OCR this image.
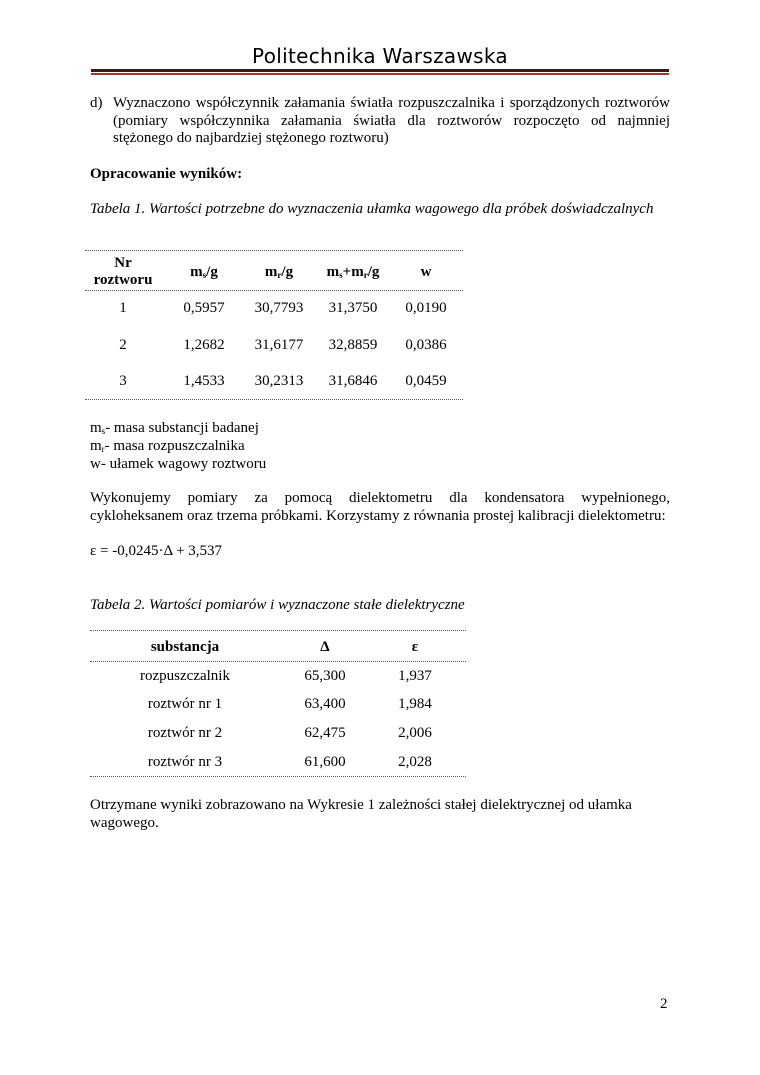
Politechnika Warszawska
d) Wyznaczono współczynnik załamania światła rozpuszczalnika i sporządzonych roztworów (pomiary współczynnika załamania światła dla roztworów rozpoczęto od najmniej stężonego do najbardziej stężonego roztworu)
Opracowanie wyników:
Tabela 1. Wartości potrzebne do wyznaczenia ułamka wagowego dla próbek doświadczalnych
Nr
roztworu	$m_s/g$	$m_r/g$	$m_s+m_r/g$	w
1	0,5957	30,7793	31,3750	0,0190
2	1,2682	31,6177	32,8859	0,0386
3	1,4533	30,2313	31,6846	0,0459
$m_s-$ masa substancji badanej
$m_r-$ masa rozpuszczalnika
w- ułamek wagowy roztworu
Wykonujemy pomiary za pomocą dielektometru dla kondensatora wypełnionego, cykloheksanem oraz trzema próbkami. Korzystamy z równania prostej kalibracji dielektometru:
ε = -0,0245·Δ + 3,537
Tabela 2. Wartości pomiarów i wyznaczone stałe dielektryczne
substancja	Δ	ε
rozpuszczalnik	65,300	1,937
roztwór nr 1	63,400	1,984
roztwór nr 2	62,475	2,006
roztwór nr 3	61,600	2,028
Otrzymane wyniki zobrazowano na Wykresie 1 zależności stałej dielektrycznej od ułamka wagowego.
2
